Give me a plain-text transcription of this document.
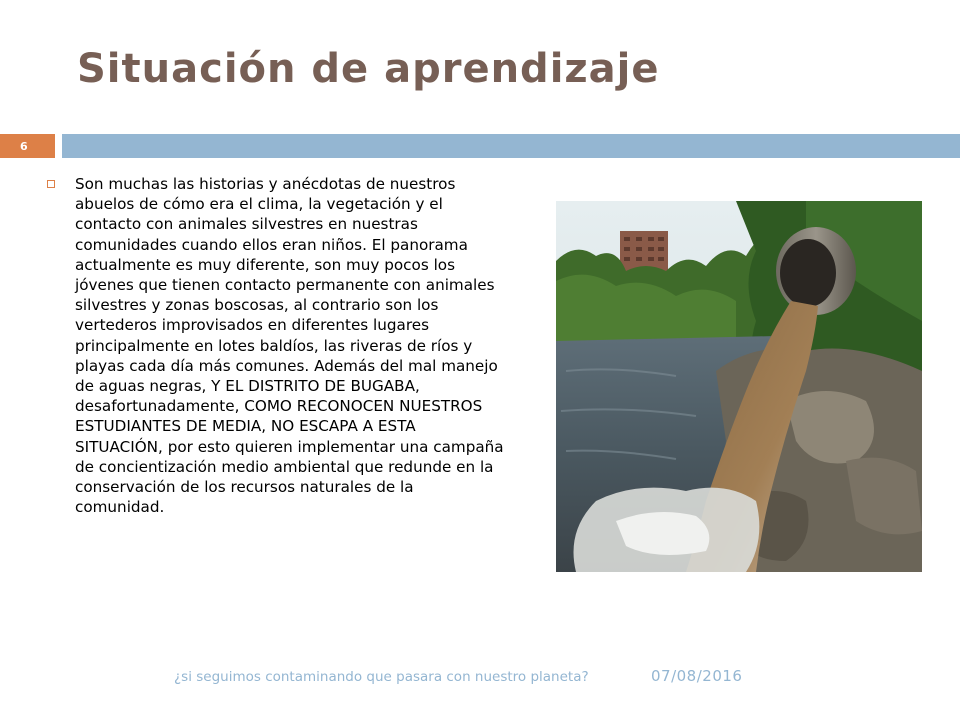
Situación de aprendizaje
6

Son muchas las historias y anécdotas de nuestros abuelos de cómo era el clima, la vegetación y el contacto con animales silvestres en nuestras comunidades cuando ellos eran niños. El panorama actualmente es muy diferente, son muy pocos los jóvenes que tienen contacto permanente con animales silvestres y zonas boscosas, al contrario son los vertederos improvisados en diferentes lugares principalmente en lotes baldíos, las riveras de ríos y playas cada día más comunes. Además del mal manejo de aguas negras, Y EL DISTRITO DE BUGABA, desafortunadamente, COMO RECONOCEN NUESTROS ESTUDIANTES DE MEDIA, NO ESCAPA A ESTA SITUACIÓN, por esto quieren implementar una campaña de concientización medio ambiental que redunde en la conservación de los recursos naturales de la comunidad.

¿si seguimos contaminando que pasara con nuestro planeta?	07/08/2016
